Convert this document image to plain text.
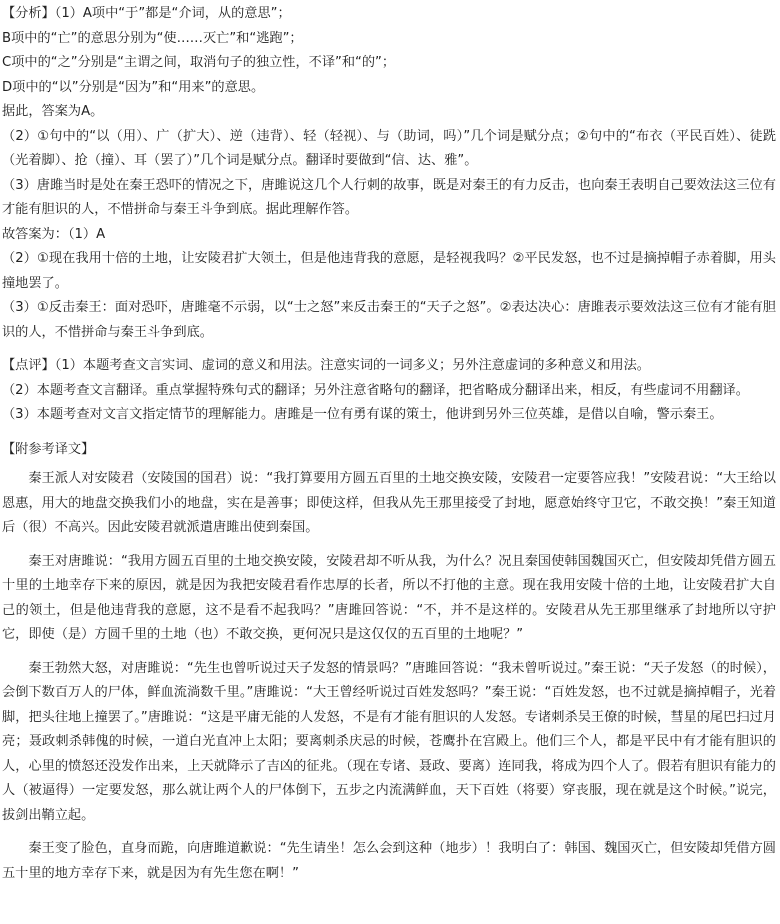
【分析】（1）A项中“于”都是“介词，从的意思”；

B项中的“亡”的意思分别为“使……灭亡”和“逃跑”；

C项中的“之”分别是“主谓之间，取消句子的独立性，不译”和“的”；

D项中的“以”分别是“因为”和“用来”的意思。

据此，答案为A。

（2）①句中的“以（用）、广（扩大）、逆（违背）、轻（轻视）、与（助词，吗）”几个词是赋分点；②句中的“布衣（平民百姓）、徒跣（光着脚）、抢（撞）、耳（罢了）”几个词是赋分点。翻译时要做到“信、达、雅”。

（3）唐雎当时是处在秦王恐吓的情况之下，唐雎说这几个人行刺的故事，既是对秦王的有力反击，也向秦王表明自己要效法这三位有才能有胆识的人，不惜拼命与秦王斗争到底。据此理解作答。

故答案为：（1）A

（2）①现在我用十倍的土地，让安陵君扩大领土，但是他违背我的意愿，是轻视我吗？②平民发怒，也不过是摘掉帽子赤着脚，用头撞地罢了。

（3）①反击秦王：面对恐吓，唐雎毫不示弱，以“士之怒”来反击秦王的“天子之怒”。②表达决心：唐雎表示要效法这三位有才能有胆识的人，不惜拼命与秦王斗争到底。

【点评】（1）本题考查文言实词、虚词的意义和用法。注意实词的一词多义；另外注意虚词的多种意义和用法。

（2）本题考查文言翻译。重点掌握特殊句式的翻译；另外注意省略句的翻译，把省略成分翻译出来，相反，有些虚词不用翻译。

（3）本题考查对文言文指定情节的理解能力。唐雎是一位有勇有谋的策士，他讲到另外三位英雄，是借以自喻，警示秦王。

【附参考译文】

秦王派人对安陵君（安陵国的国君）说：“我打算要用方圆五百里的土地交换安陵，安陵君一定要答应我！”安陵君说：“大王给以恩惠，用大的地盘交换我们小的地盘，实在是善事；即使这样，但我从先王那里接受了封地，愿意始终守卫它，不敢交换！”秦王知道后（很）不高兴。因此安陵君就派遣唐雎出使到秦国。

秦王对唐雎说：“我用方圆五百里的土地交换安陵，安陵君却不听从我，为什么？况且秦国使韩国魏国灭亡，但安陵却凭借方圆五十里的土地幸存下来的原因，就是因为我把安陵君看作忠厚的长者，所以不打他的主意。现在我用安陵十倍的土地，让安陵君扩大自己的领土，但是他违背我的意愿，这不是看不起我吗？”唐雎回答说：“不，并不是这样的。安陵君从先王那里继承了封地所以守护它，即使（是）方圆千里的土地（也）不敢交换，更何况只是这仅仅的五百里的土地呢？”

秦王勃然大怒，对唐雎说：“先生也曾听说过天子发怒的情景吗？”唐雎回答说：“我未曾听说过。”秦王说：“天子发怒（的时候），会倒下数百万人的尸体，鲜血流淌数千里。”唐雎说：“大王曾经听说过百姓发怒吗？”秦王说：“百姓发怒，也不过就是摘掉帽子，光着脚，把头往地上撞罢了。”唐雎说：“这是平庸无能的人发怒，不是有才能有胆识的人发怒。专诸刺杀吴王僚的时候，彗星的尾巴扫过月亮；聂政刺杀韩傀的时候，一道白光直冲上太阳；要离刺杀庆忌的时候，苍鹰扑在宫殿上。他们三个人，都是平民中有才能有胆识的人，心里的愤怒还没发作出来，上天就降示了吉凶的征兆。（现在专诸、聂政、要离）连同我，将成为四个人了。假若有胆识有能力的人（被逼得）一定要发怒，那么就让两个人的尸体倒下，五步之内流满鲜血，天下百姓（将要）穿丧服，现在就是这个时候。”说完，拔剑出鞘立起。

秦王变了脸色，直身而跪，向唐雎道歉说：“先生请坐！怎么会到这种（地步）！我明白了：韩国、魏国灭亡，但安陵却凭借方圆五十里的地方幸存下来，就是因为有先生您在啊！”
